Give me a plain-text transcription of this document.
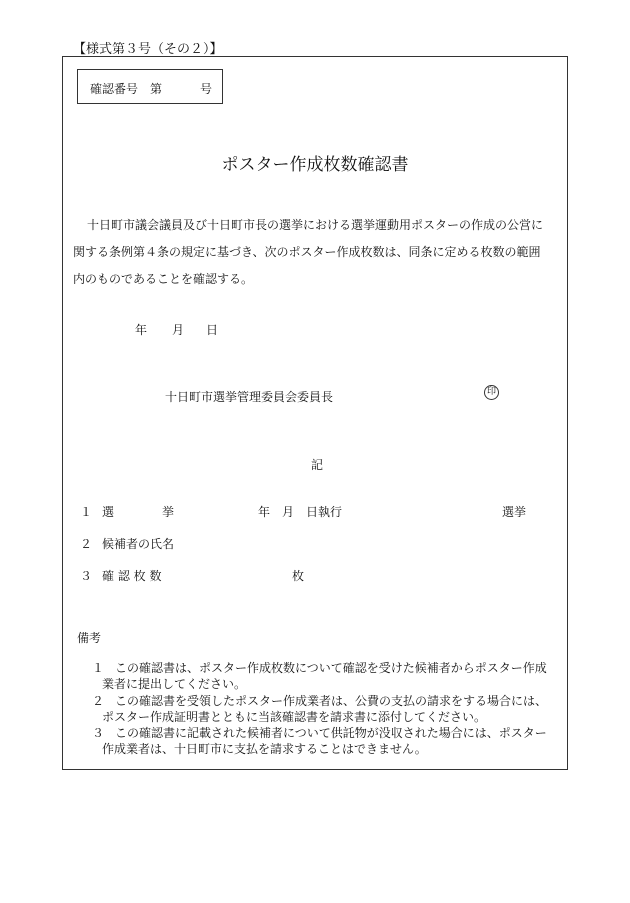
【様式第３号（その２）】
確認番号 第	号
ポスター作成枚数確認書
十日町市議会議員及び十日町市長の選挙における選挙運動用ポスターの作成の公営に
関する条例第４条の規定に基づき、次のポスター作成枚数は、同条に定める枚数の範囲
内のものであることを確認する。
年 月 日
十日町市選挙管理委員会委員長	印
記
１ 選　　　　挙	年　月　日執行	選挙
２ 候補者の氏名
３ 確 認 枚 数	枚
備考
１ この確認書は、ポスター作成枚数について確認を受けた候補者からポスター作成
業者に提出してください。
２ この確認書を受領したポスター作成業者は、公費の支払の請求をする場合には、
ポスター作成証明書とともに当該確認書を請求書に添付してください。
３ この確認書に記載された候補者について供託物が没収された場合には、ポスター
作成業者は、十日町市に支払を請求することはできません。
